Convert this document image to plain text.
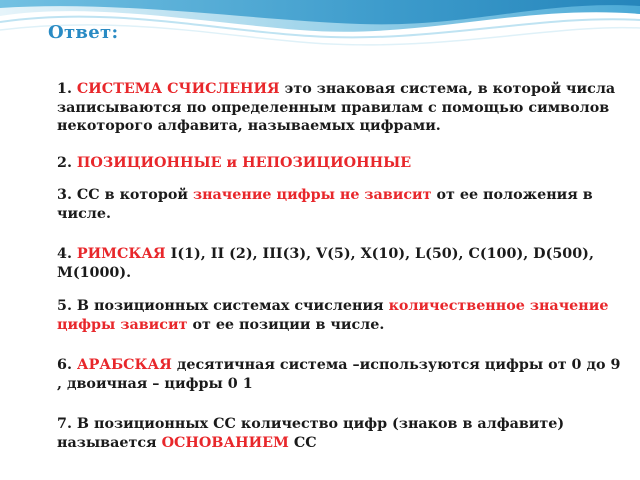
Ответ:

1. СИСТЕМА СЧИСЛЕНИЯ это знаковая система, в которой числа записываются по определенным правилам с помощью символов некоторого алфавита, называемых цифрами.

2. ПОЗИЦИОННЫЕ и НЕПОЗИЦИОННЫЕ

3. СС в которой значение цифры не зависит от ее положения в числе.

4. РИМСКАЯ I(1), II (2), III(3), V(5), X(10), L(50), C(100), D(500), M(1000).

5. В позиционных системах счисления количественное значение цифры зависит от ее позиции в числе.

6. АРАБСКАЯ десятичная система –используются цифры от 0 до 9 , двоичная – цифры 0 1

7. В позиционных СС количество цифр (знаков в алфавите) называется ОСНОВАНИЕМ СС
